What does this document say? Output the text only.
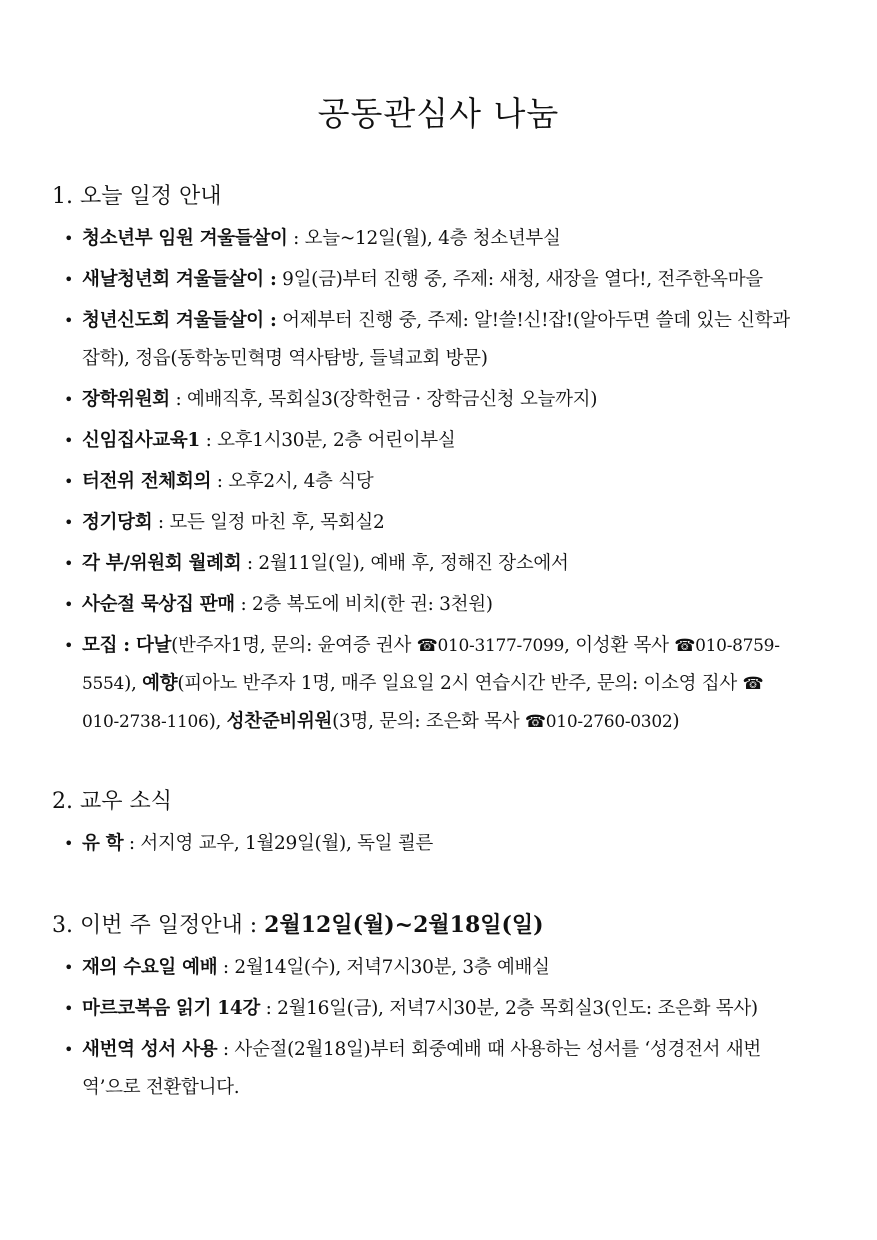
공동관심사 나눔
1. 오늘 일정 안내
• 청소년부 임원 겨울들살이 : 오늘~12일(월), 4층 청소년부실
• 새날청년회 겨울들살이 : 9일(금)부터 진행 중, 주제: 새청, 새장을 열다!, 전주한옥마을
• 청년신도회 겨울들살이 : 어제부터 진행 중, 주제: 알!쓸!신!잡!(알아두면 쓸데 있는 신학과 잡학), 정읍(동학농민혁명 역사탐방, 들녘교회 방문)
• 장학위원회 : 예배직후, 목회실3(장학헌금 · 장학금신청 오늘까지)
• 신임집사교육1 : 오후1시30분, 2층 어린이부실
• 터전위 전체회의 : 오후2시, 4층 식당
• 정기당회 : 모든 일정 마친 후, 목회실2
• 각 부/위원회 월례회 : 2월11일(일), 예배 후, 정해진 장소에서
• 사순절 묵상집 판매 : 2층 복도에 비치(한 권: 3천원)
• 모집 : 다날(반주자1명, 문의: 윤여증 권사 ☎010-3177-7099, 이성환 목사 ☎010-8759-5554), 예향(피아노 반주자 1명, 매주 일요일 2시 연습시간 반주, 문의: 이소영 집사 ☎ 010-2738-1106), 성찬준비위원(3명, 문의: 조은화 목사 ☎010-2760-0302)
2. 교우 소식
• 유 학 : 서지영 교우, 1월29일(월), 독일 쾰른
3. 이번 주 일정안내 : 2월12일(월)~2월18일(일)
• 재의 수요일 예배 : 2월14일(수), 저녁7시30분, 3층 예배실
• 마르코복음 읽기 14강 : 2월16일(금), 저녁7시30분, 2층 목회실3(인도: 조은화 목사)
• 새번역 성서 사용 : 사순절(2월18일)부터 회중예배 때 사용하는 성서를 ‘성경전서 새번역’으로 전환합니다.
